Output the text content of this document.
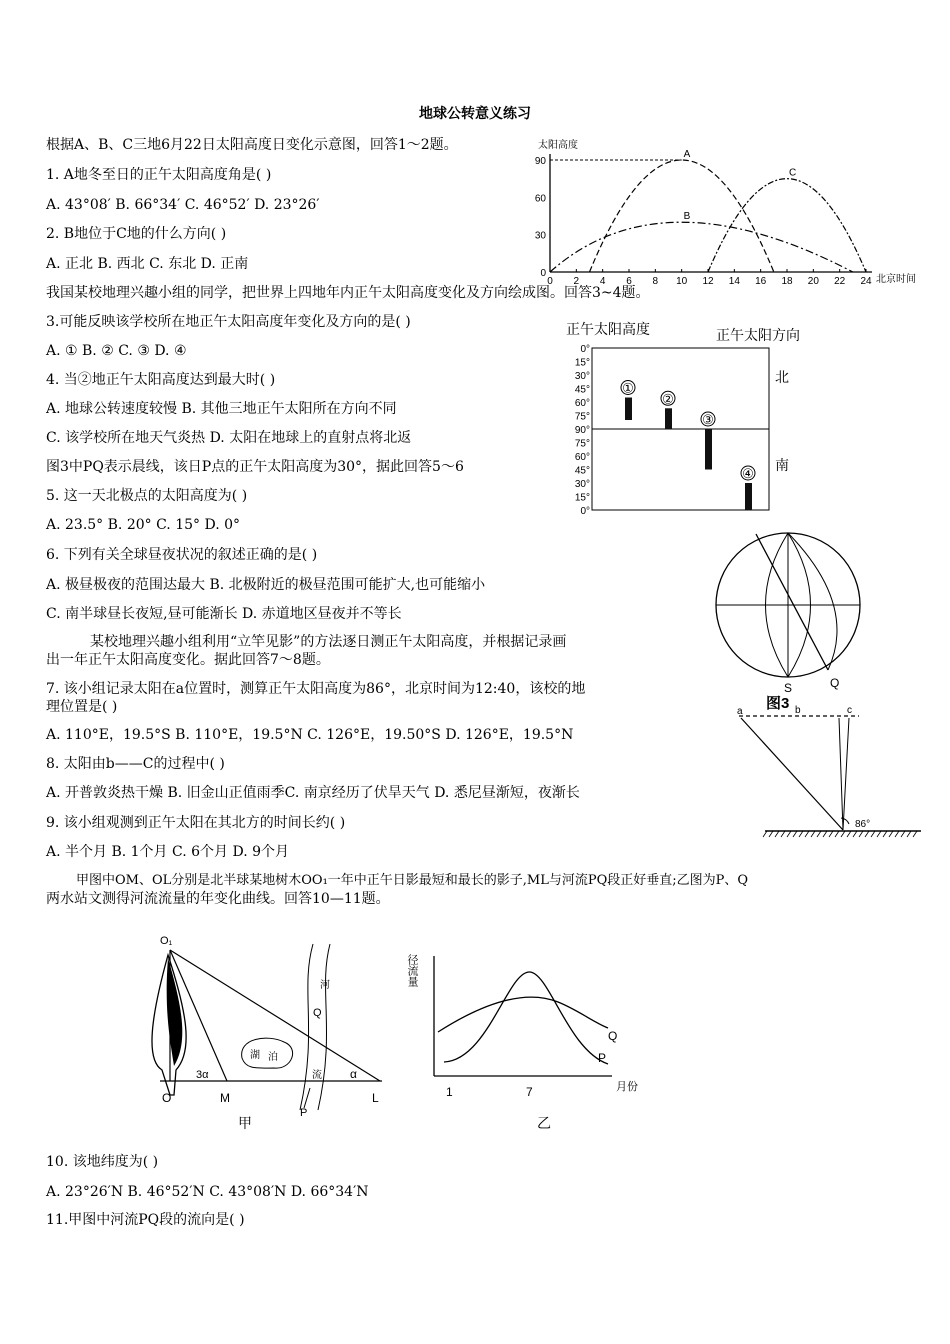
地球公转意义练习
根据A、B、C三地6月22日太阳高度日变化示意图，回答1～2题。
1. A地冬至日的正午太阳高度角是( )
A. 43°08′ B. 66°34′ C. 46°52′ D. 23°26′
2. B地位于C地的什么方向( )
A. 正北 B. 西北 C. 东北 D. 正南
我国某校地理兴趣小组的同学，把世界上四地年内正午太阳高度变化及方向绘成图。回答3~4题。
3.可能反映该学校所在地正午太阳高度年变化及方向的是( )
A. ① B. ② C. ③ D. ④
4. 当②地正午太阳高度达到最大时( )
A. 地球公转速度较慢 B. 其他三地正午太阳所在方向不同
C. 该学校所在地天气炎热 D. 太阳在地球上的直射点将北返
图3中PQ表示晨线，该日P点的正午太阳高度为30°，据此回答5～6
5. 这一天北极点的太阳高度为( )
A. 23.5° B. 20° C. 15° D. 0°
6. 下列有关全球昼夜状况的叙述正确的是( )
A. 极昼极夜的范围达最大 B. 北极附近的极昼范围可能扩大,也可能缩小
C. 南半球昼长夜短,昼可能渐长 D. 赤道地区昼夜并不等长
某校地理兴趣小组利用“立竿见影”的方法逐日测正午太阳高度，并根据记录画
出一年正午太阳高度变化。据此回答7～8题。
7. 该小组记录太阳在a位置时，测算正午太阳高度为86°，北京时间为12:40，该校的地
理位置是( )
A. 110°E，19.5°S B. 110°E，19.5°N C. 126°E，19.50°S D. 126°E，19.5°N
8. 太阳由b——C的过程中( )
A. 开普敦炎热干燥 B. 旧金山正值雨季C. 南京经历了伏旱天气 D. 悉尼昼渐短，夜渐长
9. 该小组观测到正午太阳在其北方的时间长约( )
A. 半个月 B. 1个月 C. 6个月 D. 9个月
甲图中OM、OL分别是北半球某地树木OO₁一年中正午日影最短和最长的影子,ML与河流PQ段正好垂直;乙图为P、Q
两水站文测得河流流量的年变化曲线。回答10—11题。
10. 该地纬度为( )
A. 23°26′N B. 46°52′N C. 43°08′N D. 66°34′N
11.甲图中河流PQ段的流向是( )
太阳高度
北京时间
0 2 4 6 8 10 12 14 16 18 20 22 24
0
30
60
90
A
B
C
正午太阳高度	正午太阳方向
北
南
0°
15°
30°
45°
60°
75°
90°
75°
60°
45°
30°
15°
0°
①
②
③
④
S	Q
图3
a	b	c
86°
O₁
O	M	L
3α	α
P
Q
河
流
湖 泊
甲
径流量
月份
1	7
Q
P
乙
